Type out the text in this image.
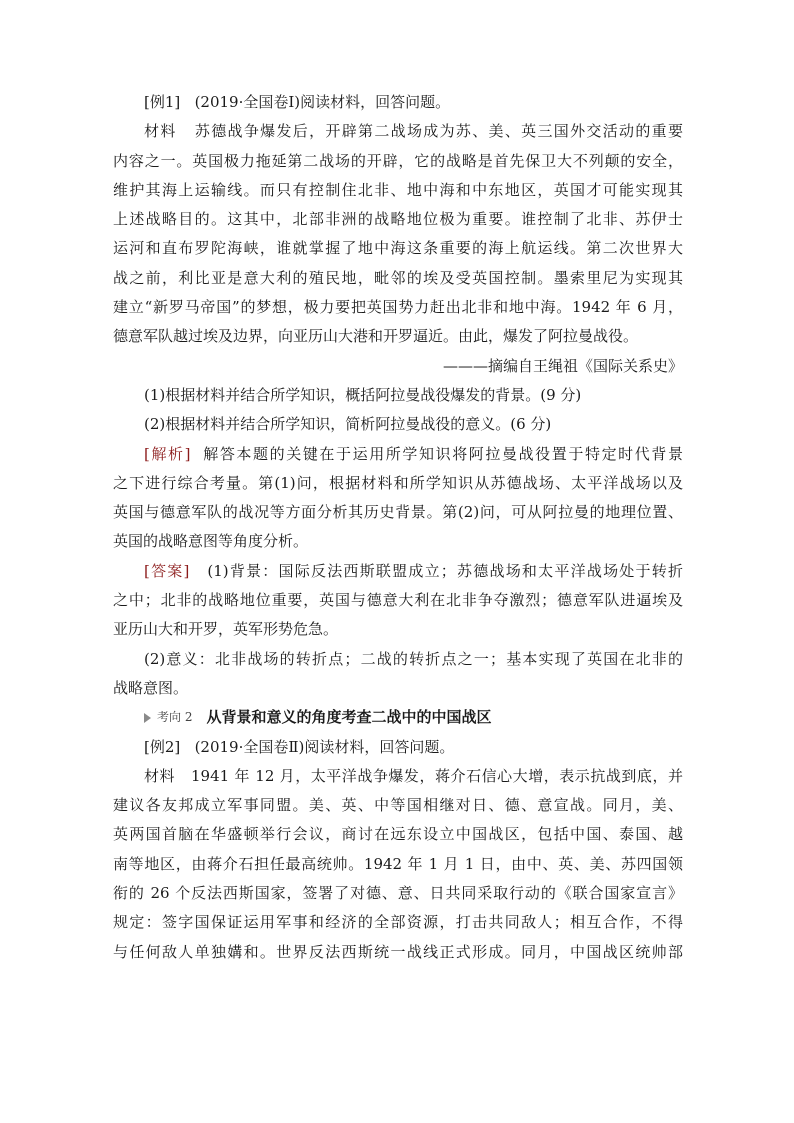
[例1] (2019·全国卷Ⅰ)阅读材料，回答问题。
材料 苏德战争爆发后，开辟第二战场成为苏、美、英三国外交活动的重要
内容之一。英国极力拖延第二战场的开辟，它的战略是首先保卫大不列颠的安全，
维护其海上运输线。而只有控制住北非、地中海和中东地区，英国才可能实现其
上述战略目的。这其中，北部非洲的战略地位极为重要。谁控制了北非、苏伊士
运河和直布罗陀海峡，谁就掌握了地中海这条重要的海上航运线。第二次世界大
战之前，利比亚是意大利的殖民地，毗邻的埃及受英国控制。墨索里尼为实现其
建立“新罗马帝国”的梦想，极力要把英国势力赶出北非和地中海。1942 年 6 月，
德意军队越过埃及边界，向亚历山大港和开罗逼近。由此，爆发了阿拉曼战役。
———摘编自王绳祖《国际关系史》
(1)根据材料并结合所学知识，概括阿拉曼战役爆发的背景。(9 分)
(2)根据材料并结合所学知识，简析阿拉曼战役的意义。(6 分)
[解析] 解答本题的关键在于运用所学知识将阿拉曼战役置于特定时代背景
之下进行综合考量。第(1)问，根据材料和所学知识从苏德战场、太平洋战场以及
英国与德意军队的战况等方面分析其历史背景。第(2)问，可从阿拉曼的地理位置、
英国的战略意图等角度分析。
[答案] (1)背景：国际反法西斯联盟成立；苏德战场和太平洋战场处于转折
之中；北非的战略地位重要，英国与德意大利在北非争夺激烈；德意军队进逼埃及
亚历山大和开罗，英军形势危急。
(2)意义：北非战场的转折点；二战的转折点之一；基本实现了英国在北非的
战略意图。
考向 2 从背景和意义的角度考查二战中的中国战区
[例2] (2019·全国卷Ⅱ)阅读材料，回答问题。
材料 1941 年 12 月，太平洋战争爆发，蒋介石信心大增，表示抗战到底，并
建议各友邦成立军事同盟。美、英、中等国相继对日、德、意宣战。同月，美、
英两国首脑在华盛顿举行会议，商讨在远东设立中国战区，包括中国、泰国、越
南等地区，由蒋介石担任最高统帅。1942 年 1 月 1 日，由中、英、美、苏四国领
衔的 26 个反法西斯国家，签署了对德、意、日共同采取行动的《联合国家宣言》
规定：签字国保证运用军事和经济的全部资源，打击共同敌人；相互合作，不得
与任何敌人单独媾和。世界反法西斯统一战线正式形成。同月，中国战区统帅部
